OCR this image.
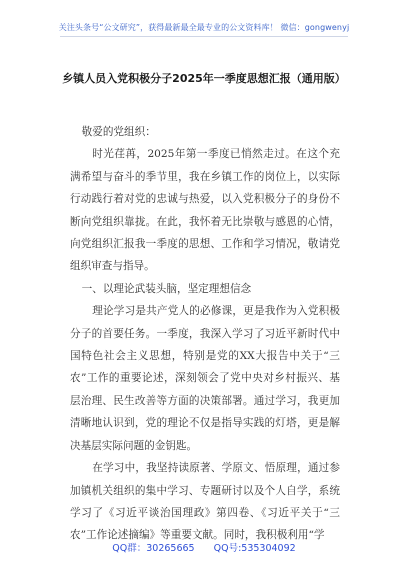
关注头条号“公文研究”，获得最新最全最专业的公文资料库！ 微信：gongwenyj
乡镇人员入党积极分子2025年一季度思想汇报（通用版）

敬爱的党组织：

时光荏苒，2025年第一季度已悄然走过。在这个充满希望与奋斗的季节里，我在乡镇工作的岗位上，以实际行动践行着对党的忠诚与热爱，以入党积极分子的身份不断向党组织靠拢。在此，我怀着无比崇敬与感恩的心情，向党组织汇报我一季度的思想、工作和学习情况，敬请党组织审查与指导。

一、以理论武装头脑，坚定理想信念

理论学习是共产党人的必修课，更是我作为入党积极分子的首要任务。一季度，我深入学习了习近平新时代中国特色社会主义思想，特别是党的XX大报告中关于“三农”工作的重要论述，深刻领会了党中央对乡村振兴、基层治理、民生改善等方面的决策部署。通过学习，我更加清晰地认识到，党的理论不仅是指导实践的灯塔，更是解决基层实际问题的金钥匙。

在学习中，我坚持读原著、学原文、悟原理，通过参加镇机关组织的集中学习、专题研讨以及个人自学，系统学习了《习近平谈治国理政》第四卷、《习近平关于“三农”工作论述摘编》等重要文献。同时，我积极利用“学

QQ群：30265665 QQ号:535304092
